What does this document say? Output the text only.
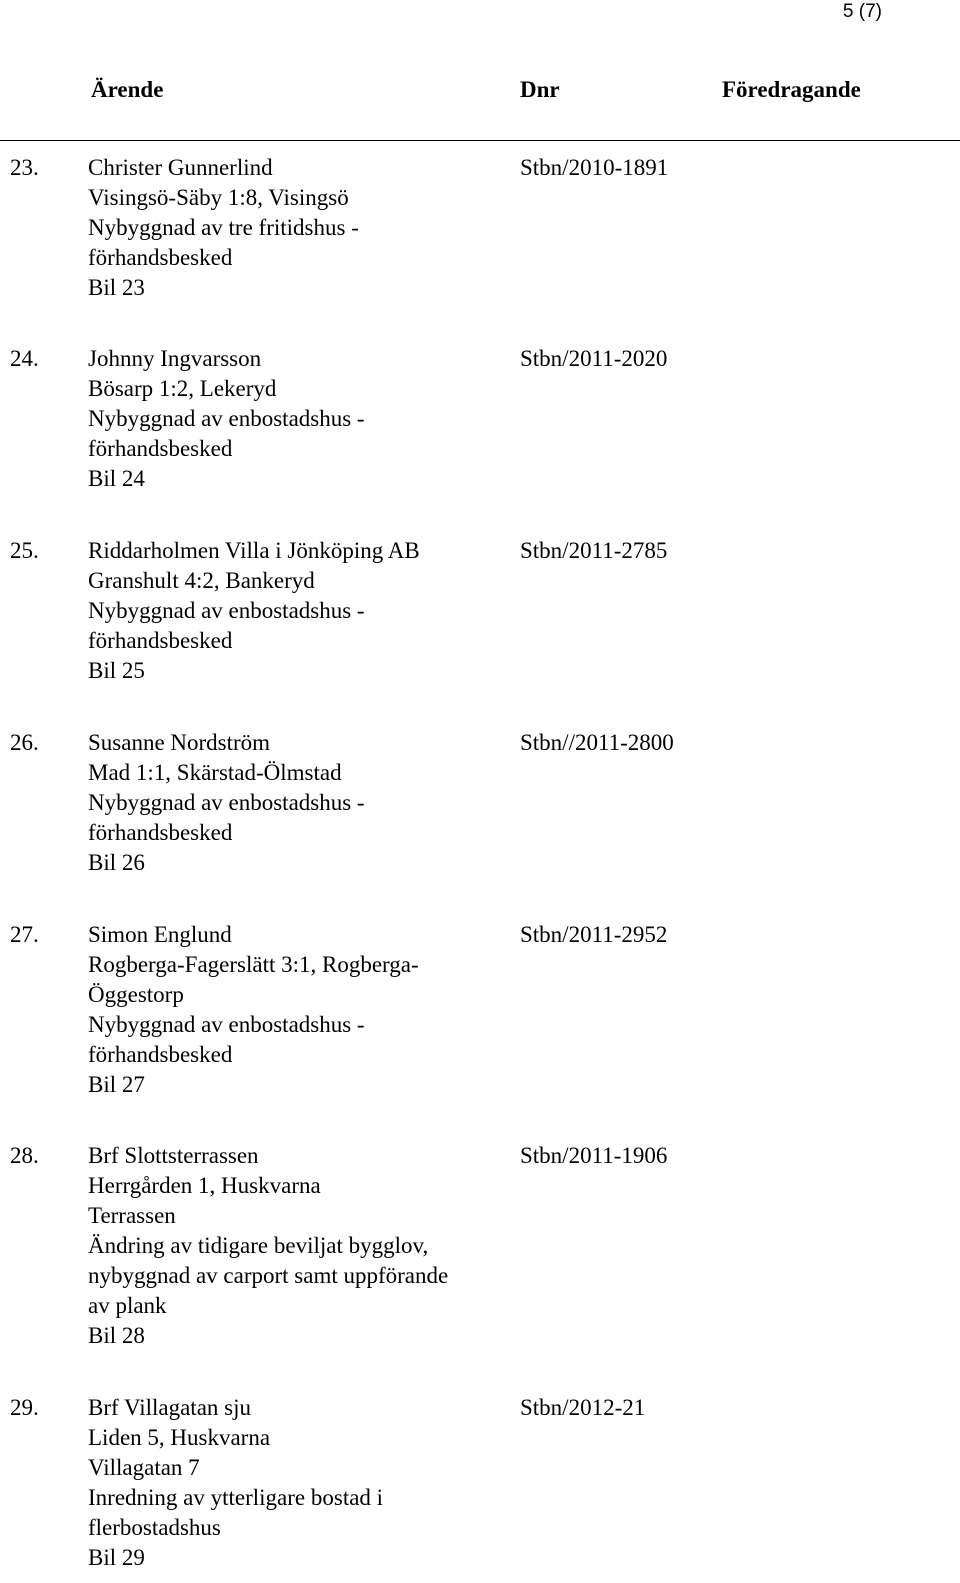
5 (7)
Ärende	Dnr	Föredragande
23. Christer Gunnerlind
Visingsö-Säby 1:8, Visingsö
Nybyggnad av tre fritidshus -
förhandsbesked
Bil 23
Stbn/2010-1891
24. Johnny Ingvarsson
Bösarp 1:2, Lekeryd
Nybyggnad av enbostadshus -
förhandsbesked
Bil 24
Stbn/2011-2020
25. Riddarholmen Villa i Jönköping AB
Granshult 4:2, Bankeryd
Nybyggnad av enbostadshus -
förhandsbesked
Bil 25
Stbn/2011-2785
26. Susanne Nordström
Mad 1:1, Skärstad-Ölmstad
Nybyggnad av enbostadshus -
förhandsbesked
Bil 26
Stbn//2011-2800
27. Simon Englund
Rogberga-Fagerslätt 3:1, Rogberga-
Öggestorp
Nybyggnad av enbostadshus -
förhandsbesked
Bil 27
Stbn/2011-2952
28. Brf Slottsterrassen
Herrgården 1, Huskvarna
Terrassen
Ändring av tidigare beviljat bygglov,
nybyggnad av carport samt uppförande
av plank
Bil 28
Stbn/2011-1906
29. Brf Villagatan sju
Liden 5, Huskvarna
Villagatan 7
Inredning av ytterligare bostad i
flerbostadshus
Bil 29
Stbn/2012-21
